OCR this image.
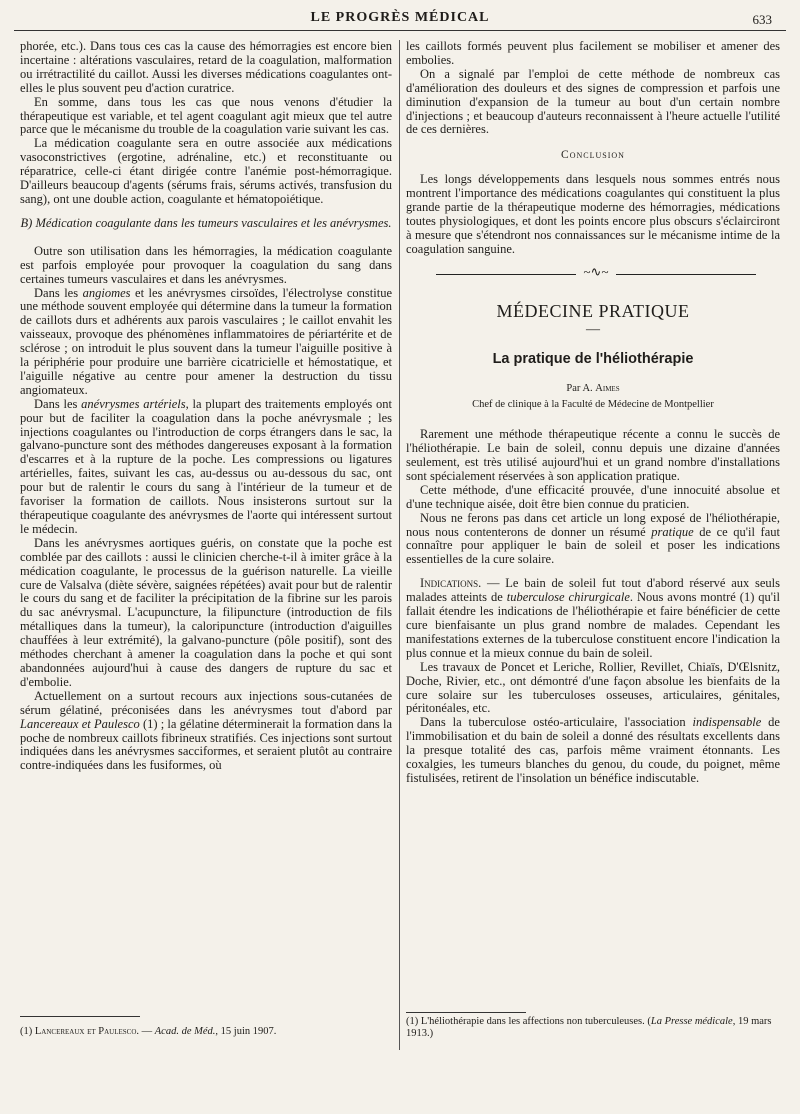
LE PROGRÈS MÉDICAL	633

phorée, etc.). Dans tous ces cas la cause des hémorragies est encore bien incertaine : altérations vasculaires, retard de la coagulation, malformation ou irrétractilité du caillot. Aussi les diverses médications coagulantes ont-elles le plus souvent peu d'action curatrice.

En somme, dans tous les cas que nous venons d'étudier la thérapeutique est variable, et tel agent coagulant agit mieux que tel autre parce que le mécanisme du trouble de la coagulation varie suivant les cas.

La médication coagulante sera en outre associée aux médications vasoconstrictives (ergotine, adrénaline, etc.) et reconstituante ou réparatrice, celle-ci étant dirigée contre l'anémie post-hémorragique. D'ailleurs beaucoup d'agents (sérums frais, sérums activés, transfusion du sang), ont une double action, coagulante et hématopoiétique.

B) Médication coagulante dans les tumeurs vasculaires et les anévrysmes.

Outre son utilisation dans les hémorragies, la médication coagulante est parfois employée pour provoquer la coagulation du sang dans certaines tumeurs vasculaires et dans les anévrysmes.

Dans les angiomes et les anévrysmes cirsoïdes, l'électrolyse constitue une méthode souvent employée qui détermine dans la tumeur la formation de caillots durs et adhérents aux parois vasculaires ; le caillot envahit les vaisseaux, provoque des phénomènes inflammatoires de périartérite et de sclérose ; on introduit le plus souvent dans la tumeur l'aiguille positive à la périphérie pour produire une barrière cicatricielle et hémostatique, et l'aiguille négative au centre pour amener la destruction du tissu angiomateux.

Dans les anévrysmes artériels, la plupart des traitements employés ont pour but de faciliter la coagulation dans la poche anévrysmale ; les injections coagulantes ou l'introduction de corps étrangers dans le sac, la galvano-puncture sont des méthodes dangereuses exposant à la formation d'escarres et à la rupture de la poche. Les compressions ou ligatures artérielles, faites, suivant les cas, au-dessus ou au-dessous du sac, ont pour but de ralentir le cours du sang à l'intérieur de la tumeur et de favoriser la formation de caillots. Nous insisterons surtout sur la thérapeutique coagulante des anévrysmes de l'aorte qui intéressent surtout le médecin.

Dans les anévrysmes aortiques guéris, on constate que la poche est comblée par des caillots : aussi le clinicien cherche-t-il à imiter grâce à la médication coagulante, le processus de la guérison naturelle. La vieille cure de Valsalva (diète sévère, saignées répétées) avait pour but de ralentir le cours du sang et de faciliter la précipitation de la fibrine sur les parois du sac anévrysmal. L'acupuncture, la filipuncture (introduction de fils métalliques dans la tumeur), la caloripuncture (introduction d'aiguilles chauffées à leur extrémité), la galvano-puncture (pôle positif), sont des méthodes cherchant à amener la coagulation dans la poche et qui sont abandonnées aujourd'hui à cause des dangers de rupture du sac et d'embolie.

Actuellement on a surtout recours aux injections sous-cutanées de sérum gélatiné, préconisées dans les anévrysmes tout d'abord par Lancereaux et Paulesco (1) ; la gélatine déterminerait la formation dans la poche de nombreux caillots fibrineux stratifiés. Ces injections sont surtout indiquées dans les anévrysmes sacciformes, et seraient plutôt au contraire contre-indiquées dans les fusiformes, où

(1) Lancereaux et Paulesco. — Acad. de Méd., 15 juin 1907.

les caillots formés peuvent plus facilement se mobiliser et amener des embolies.

On a signalé par l'emploi de cette méthode de nombreux cas d'amélioration des douleurs et des signes de compression et parfois une diminution d'expansion de la tumeur au bout d'un certain nombre d'injections ; et beaucoup d'auteurs reconnaissent à l'heure actuelle l'utilité de ces dernières.

Conclusion

Les longs développements dans lesquels nous sommes entrés nous montrent l'importance des médications coagulantes qui constituent la plus grande partie de la thérapeutique moderne des hémorragies, médications toutes physiologiques, et dont les points encore plus obscurs s'éclairciront à mesure que s'étendront nos connaissances sur le mécanisme intime de la coagulation sanguine.

~∿~
MÉDECINE PRATIQUE
—
La pratique de l'héliothérapie
Par A. Aimes
Chef de clinique à la Faculté de Médecine de Montpellier

Rarement une méthode thérapeutique récente a connu le succès de l'héliothérapie. Le bain de soleil, connu depuis une dizaine d'années seulement, est très utilisé aujourd'hui et un grand nombre d'installations sont spécialement réservées à son application pratique.

Cette méthode, d'une efficacité prouvée, d'une innocuité absolue et d'une technique aisée, doit être bien connue du praticien.

Nous ne ferons pas dans cet article un long exposé de l'héliothérapie, nous nous contenterons de donner un résumé pratique de ce qu'il faut connaître pour appliquer le bain de soleil et poser les indications essentielles de la cure solaire.

Indications. — Le bain de soleil fut tout d'abord réservé aux seuls malades atteints de tuberculose chirurgicale. Nous avons montré (1) qu'il fallait étendre les indications de l'héliothérapie et faire bénéficier de cette cure bienfaisante un plus grand nombre de malades. Cependant les manifestations externes de la tuberculose constituent encore l'indication la plus connue et la mieux connue du bain de soleil.

Les travaux de Poncet et Leriche, Rollier, Revillet, Chiaïs, D'Œlsnitz, Doche, Rivier, etc., ont démontré d'une façon absolue les bienfaits de la cure solaire sur les tuberculoses osseuses, articulaires, génitales, péritonéales, etc.

Dans la tuberculose ostéo-articulaire, l'association indispensable de l'immobilisation et du bain de soleil a donné des résultats excellents dans la presque totalité des cas, parfois même vraiment étonnants. Les coxalgies, les tumeurs blanches du genou, du coude, du poignet, même fistulisées, retirent de l'insolation un bénéfice indiscutable.

(1) L'héliothérapie dans les affections non tuberculeuses. (La Presse médicale, 19 mars 1913.)
